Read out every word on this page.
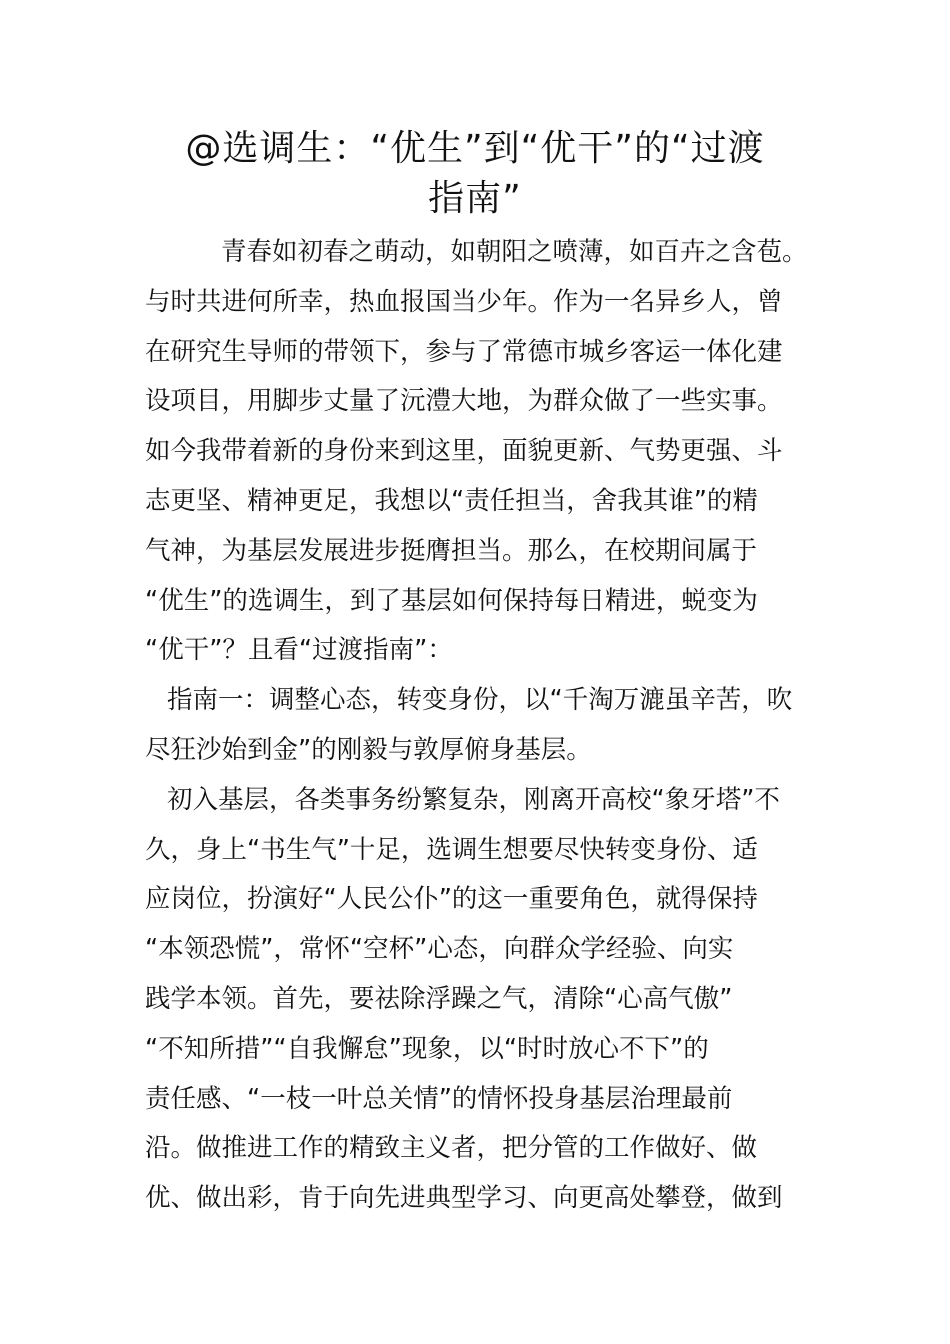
@选调生：“优生”到“优干”的“过渡
指南”
青春如初春之萌动，如朝阳之喷薄，如百卉之含苞。
与时共进何所幸，热血报国当少年。作为一名异乡人，曾
在研究生导师的带领下，参与了常德市城乡客运一体化建
设项目，用脚步丈量了沅澧大地，为群众做了一些实事。
如今我带着新的身份来到这里，面貌更新、气势更强、斗
志更坚、精神更足，我想以“责任担当，舍我其谁”的精
气神，为基层发展进步挺膺担当。那么，在校期间属于
“优生”的选调生，到了基层如何保持每日精进，蜕变为
“优干”？且看“过渡指南”：
指南一：调整心态，转变身份，以“千淘万漉虽辛苦，吹
尽狂沙始到金”的刚毅与敦厚俯身基层。
初入基层，各类事务纷繁复杂，刚离开高校“象牙塔”不
久，身上“书生气”十足，选调生想要尽快转变身份、适
应岗位，扮演好“人民公仆”的这一重要角色，就得保持
“本领恐慌”，常怀“空杯”心态，向群众学经验、向实
践学本领。首先，要祛除浮躁之气，清除“心高气傲”
“不知所措”“自我懈怠”现象，以“时时放心不下”的
责任感、“一枝一叶总关情”的情怀投身基层治理最前
沿。做推进工作的精致主义者，把分管的工作做好、做
优、做出彩，肯于向先进典型学习、向更高处攀登，做到
